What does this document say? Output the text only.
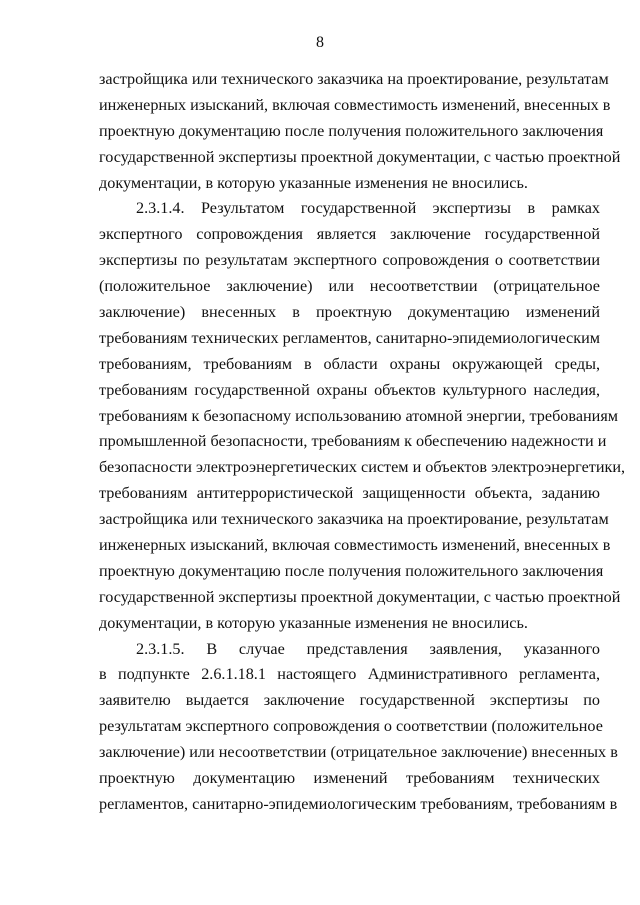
8
застройщика или технического заказчика на проектирование, результатам
инженерных изысканий, включая совместимость изменений, внесенных в
проектную документацию после получения положительного заключения
государственной экспертизы проектной документации, с частью проектной
документации, в которую указанные изменения не вносились.
2.3.1.4. Результатом государственной экспертизы в рамках
экспертного сопровождения является заключение государственной
экспертизы по результатам экспертного сопровождения о соответствии
(положительное заключение) или несоответствии (отрицательное
заключение) внесенных в проектную документацию изменений
требованиям технических регламентов, санитарно-эпидемиологическим
требованиям, требованиям в области охраны окружающей среды,
требованиям государственной охраны объектов культурного наследия,
требованиям к безопасному использованию атомной энергии, требованиям
промышленной безопасности, требованиям к обеспечению надежности и
безопасности электроэнергетических систем и объектов электроэнергетики,
требованиям антитеррористической защищенности объекта, заданию
застройщика или технического заказчика на проектирование, результатам
инженерных изысканий, включая совместимость изменений, внесенных в
проектную документацию после получения положительного заключения
государственной экспертизы проектной документации, с частью проектной
документации, в которую указанные изменения не вносились.
2.3.1.5. В случае представления заявления, указанного
в подпункте 2.6.1.18.1 настоящего Административного регламента,
заявителю выдается заключение государственной экспертизы по
результатам экспертного сопровождения о соответствии (положительное
заключение) или несоответствии (отрицательное заключение) внесенных в
проектную документацию изменений требованиям технических
регламентов, санитарно-эпидемиологическим требованиям, требованиям в
